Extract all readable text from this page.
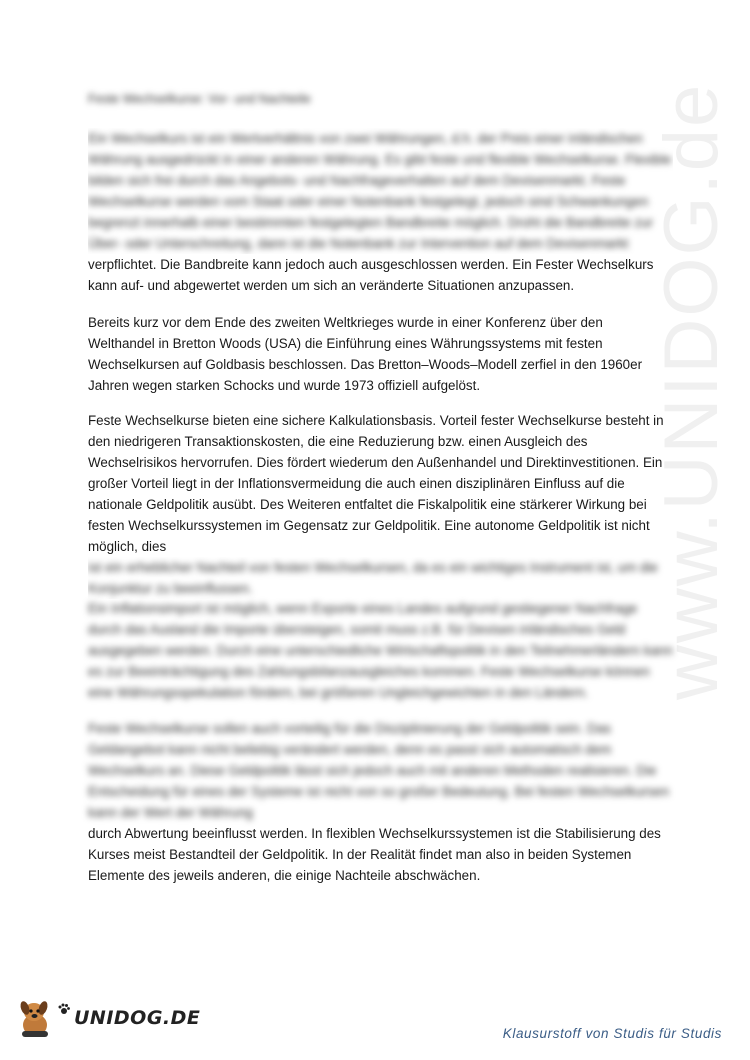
www.UNIDOG.de
Feste Wechselkurse: Vor- und Nachteile

Ein Wechselkurs ist ein Wertverhältnis von zwei Währungen, d.h. der Preis einer inländischen Währung ausgedrückt in einer anderen Währung. Es gibt feste und flexible Wechselkurse. Flexible bilden sich frei durch das Angebots- und Nachfrageverhalten auf dem Devisenmarkt. Feste Wechselkurse werden vom Staat oder einer Notenbank festgelegt, jedoch sind Schwankungen begrenzt innerhalb einer bestimmten festgelegten Bandbreite möglich. Droht die Bandbreite zur Über- oder Unterschreitung, dann ist die Notenbank zur Intervention auf dem Devisenmarkt

verpflichtet. Die Bandbreite kann jedoch auch ausgeschlossen werden. Ein Fester Wechselkurs kann auf- und abgewertet werden um sich an veränderte Situationen anzupassen.

Bereits kurz vor dem Ende des zweiten Weltkrieges wurde in einer Konferenz über den Welthandel in Bretton Woods (USA) die Einführung eines Währungssystems mit festen Wechselkursen auf Goldbasis beschlossen. Das Bretton–Woods–Modell zerfiel in den 1960er Jahren wegen starken Schocks und wurde 1973 offiziell aufgelöst.

Feste Wechselkurse bieten eine sichere Kalkulationsbasis. Vorteil fester Wechselkurse besteht in den niedrigeren Transaktionskosten, die eine Reduzierung bzw. einen Ausgleich des Wechselrisikos hervorrufen. Dies fördert wiederum den Außenhandel und Direktinvestitionen. Ein großer Vorteil liegt in der Inflationsvermeidung die auch einen disziplinären Einfluss auf die nationale Geldpolitik ausübt. Des Weiteren entfaltet die Fiskalpolitik eine stärkerer Wirkung bei festen Wechselkurssystemen im Gegensatz zur Geldpolitik. Eine autonome Geldpolitik ist nicht möglich, dies

ist ein erheblicher Nachteil von festen Wechselkursen, da es ein wichtiges Instrument ist, um die Konjunktur zu beeinflussen.

Ein Inflationsimport ist möglich, wenn Exporte eines Landes aufgrund gestiegener Nachfrage durch das Ausland die Importe übersteigen, somit muss z.B. für Devisen inländisches Geld ausgegeben werden. Durch eine unterschiedliche Wirtschaftspolitik in den Teilnehmerländern kann es zur Beeinträchtigung des Zahlungsbilanzausgleiches kommen. Feste Wechselkurse können eine Währungsspekulation fördern, bei größeren Ungleichgewichten in den Ländern.

Feste Wechselkurse sollen auch vorteilig für die Disziplinierung der Geldpolitik sein. Das Geldangebot kann nicht beliebig verändert werden, denn es passt sich automatisch dem Wechselkurs an. Diese Geldpolitik lässt sich jedoch auch mit anderen Methoden realisieren. Die Entscheidung für eines der Systeme ist nicht von so großer Bedeutung. Bei festen Wechselkursen kann der Wert der Währung

durch Abwertung beeinflusst werden. In flexiblen Wechselkurssystemen ist die Stabilisierung des Kurses meist Bestandteil der Geldpolitik. In der Realität findet man also in beiden Systemen Elemente des jeweils anderen, die einige Nachteile abschwächen.

UNIDOG.DE
Klausurstoff von Studis für Studis
